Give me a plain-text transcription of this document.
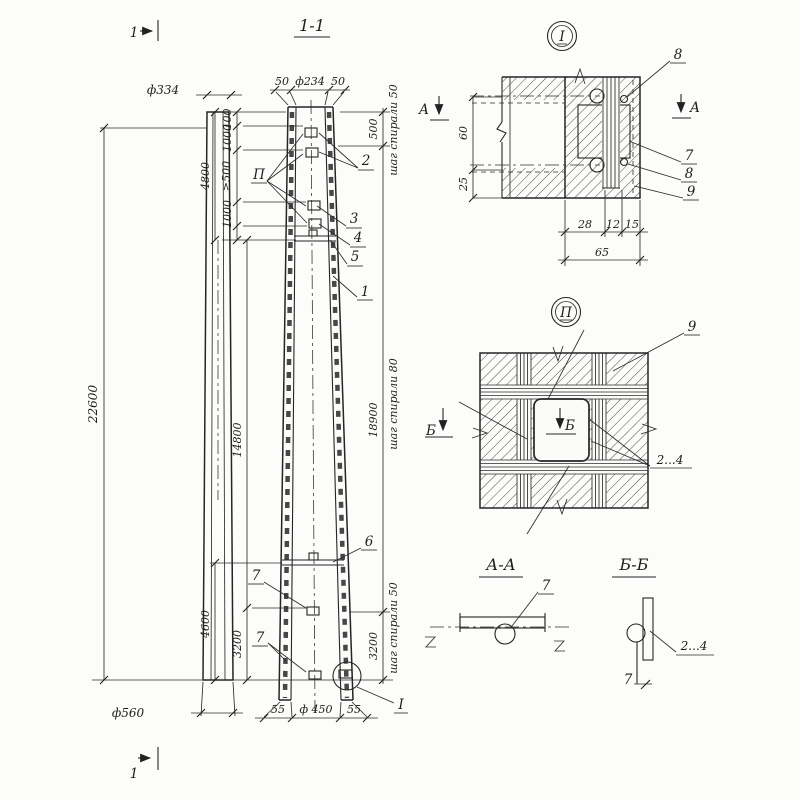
1
ф334
22600
ф560
1
1-1
50 ф234 50
100
1000
≥500
1000
4800
14800
3200
4600
500
18900
3200
шаг спирали 50
шаг спирали 80
шаг спирали 50
55 ф 450 55
П
2
3
4
5
1
6
7
7
I
I
А	А
8
7
8
9
60
25
28 12 15
65
П
Б	Б
9
2...4
А-А
7
Б-Б
2...4
7
